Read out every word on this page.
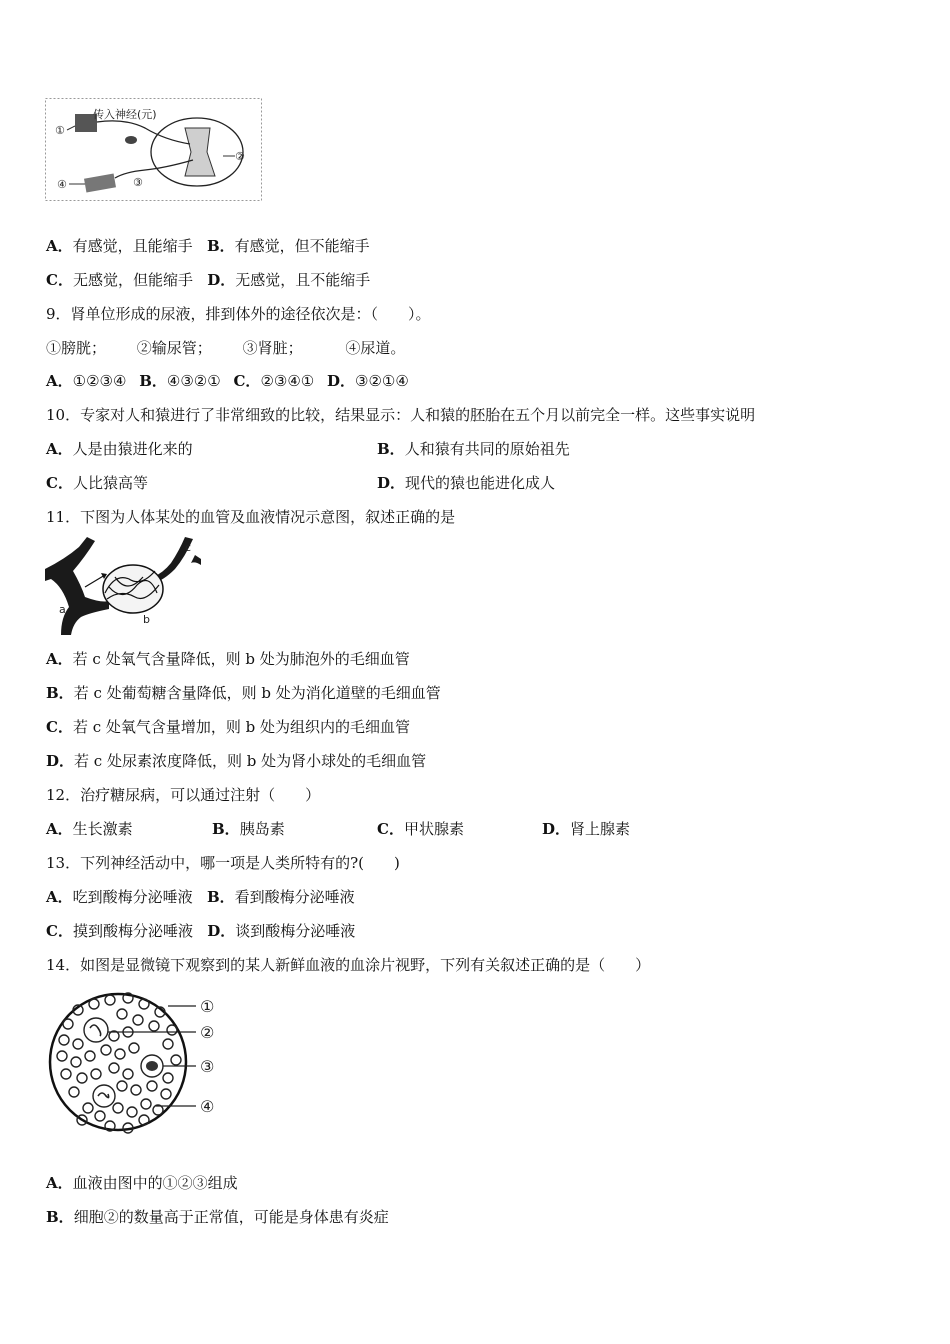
传入神经(元)
①
②
③
④
A．有感觉，且能缩手 B．有感觉，但不能缩手
C．无感觉，但能缩手 D．无感觉，且不能缩手
9．肾单位形成的尿液，排到体外的途径依次是：（　　）。
①膀胱； ②输尿管； ③肾脏；	④尿道。
A．①②③④ B．④③②① C．②③④① D．③②①④
10．专家对人和猿进行了非常细致的比较，结果显示：人和猿的胚胎在五个月以前完全一样。这些事实说明
A．人是由猿进化来的	B．人和猿有共同的原始祖先
C．人比猿高等	D．现代的猿也能进化成人
11．下图为人体某处的血管及血液情况示意图，叙述正确的是
a
b
c
A．若 c 处氧气含量降低，则 b 处为肺泡外的毛细血管
B．若 c 处葡萄糖含量降低，则 b 处为消化道壁的毛细血管
C．若 c 处氧气含量增加，则 b 处为组织内的毛细血管
D．若 c 处尿素浓度降低，则 b 处为肾小球处的毛细血管
12．治疗糖尿病，可以通过注射（　　）
A．生长激素	B．胰岛素	C．甲状腺素	D．肾上腺素
13．下列神经活动中，哪一项是人类所特有的?(　　)
A．吃到酸梅分泌唾液 B．看到酸梅分泌唾液
C．摸到酸梅分泌唾液 D．谈到酸梅分泌唾液
14．如图是显微镜下观察到的某人新鲜血液的血涂片视野，下列有关叙述正确的是（　　）
①
②
③
④
A．血液由图中的①②③组成
B．细胞②的数量高于正常值，可能是身体患有炎症
